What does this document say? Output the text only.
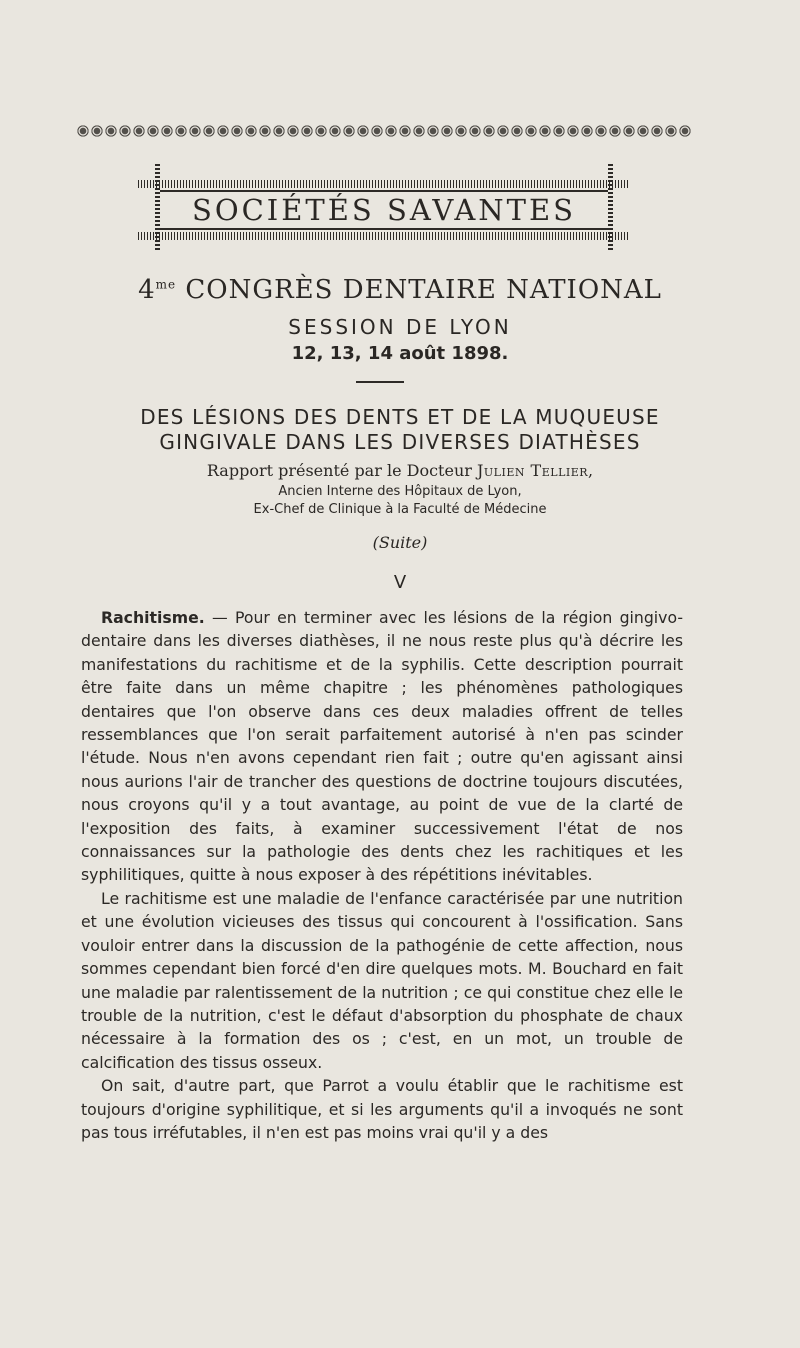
SOCIÉTÉS SAVANTES
$4^{me}$ CONGRÈS DENTAIRE NATIONAL
SESSION DE LYON
12, 13, 14 août 1898.
DES LÉSIONS DES DENTS ET DE LA MUQUEUSE
GINGIVALE DANS LES DIVERSES DIATHÈSES
Rapport présenté par le Docteur Julien Tellier,
Ancien Interne des Hôpitaux de Lyon,
Ex-Chef de Clinique à la Faculté de Médecine
(Suite)
V

Rachitisme. — Pour en terminer avec les lésions de la région gingivo-dentaire dans les diverses diathèses, il ne nous reste plus qu'à décrire les manifestations du rachitisme et de la syphilis. Cette description pourrait être faite dans un même chapitre ; les phénomènes pathologiques dentaires que l'on observe dans ces deux maladies offrent de telles ressemblances que l'on serait parfaitement autorisé à n'en pas scinder l'étude. Nous n'en avons cependant rien fait ; outre qu'en agissant ainsi nous aurions l'air de trancher des questions de doctrine toujours discutées, nous croyons qu'il y a tout avantage, au point de vue de la clarté de l'exposition des faits, à examiner successivement l'état de nos connaissances sur la pathologie des dents chez les rachitiques et les syphilitiques, quitte à nous exposer à des répétitions inévitables.

Le rachitisme est une maladie de l'enfance caractérisée par une nutrition et une évolution vicieuses des tissus qui concourent à l'ossification. Sans vouloir entrer dans la discussion de la pathogénie de cette affection, nous sommes cependant bien forcé d'en dire quelques mots. M. Bouchard en fait une maladie par ralentissement de la nutrition ; ce qui constitue chez elle le trouble de la nutrition, c'est le défaut d'absorption du phosphate de chaux nécessaire à la formation des os ; c'est, en un mot, un trouble de calcification des tissus osseux.

On sait, d'autre part, que Parrot a voulu établir que le rachitisme est toujours d'origine syphilitique, et si les arguments qu'il a invoqués ne sont pas tous irréfutables, il n'en est pas moins vrai qu'il y a des
